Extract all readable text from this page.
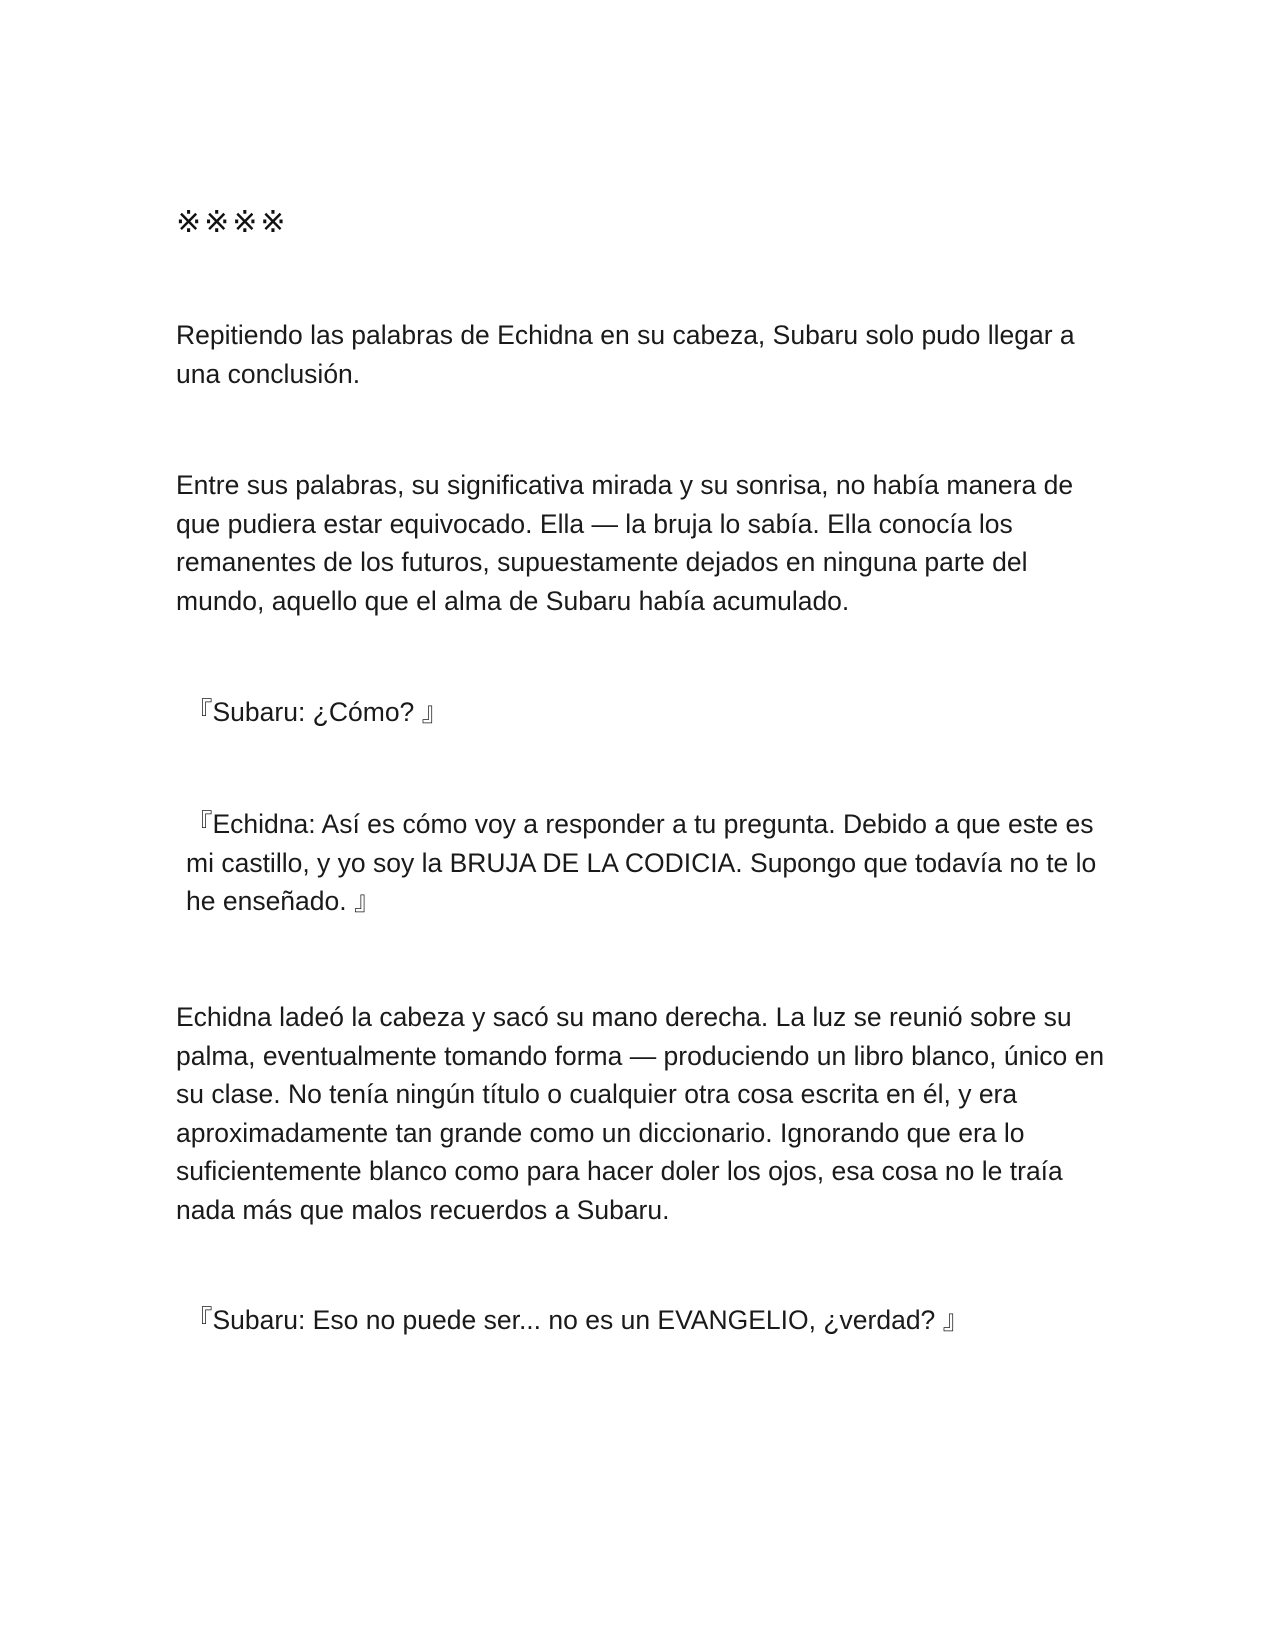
※※※※

Repitiendo las palabras de Echidna en su cabeza, Subaru solo pudo llegar a una conclusión.

Entre sus palabras, su significativa mirada y su sonrisa, no había manera de que pudiera estar equivocado. Ella — la bruja lo sabía. Ella conocía los remanentes de los futuros, supuestamente dejados en ninguna parte del mundo, aquello que el alma de Subaru había acumulado.

『Subaru: ¿Cómo? 』

『Echidna: Así es cómo voy a responder a tu pregunta. Debido a que este es mi castillo, y yo soy la BRUJA DE LA CODICIA. Supongo que todavía no te lo he enseñado. 』

Echidna ladeó la cabeza y sacó su mano derecha. La luz se reunió sobre su palma, eventualmente tomando forma — produciendo un libro blanco, único en su clase. No tenía ningún título o cualquier otra cosa escrita en él, y era aproximadamente tan grande como un diccionario. Ignorando que era lo suficientemente blanco como para hacer doler los ojos, esa cosa no le traía nada más que malos recuerdos a Subaru.

『Subaru: Eso no puede ser... no es un EVANGELIO, ¿verdad? 』
